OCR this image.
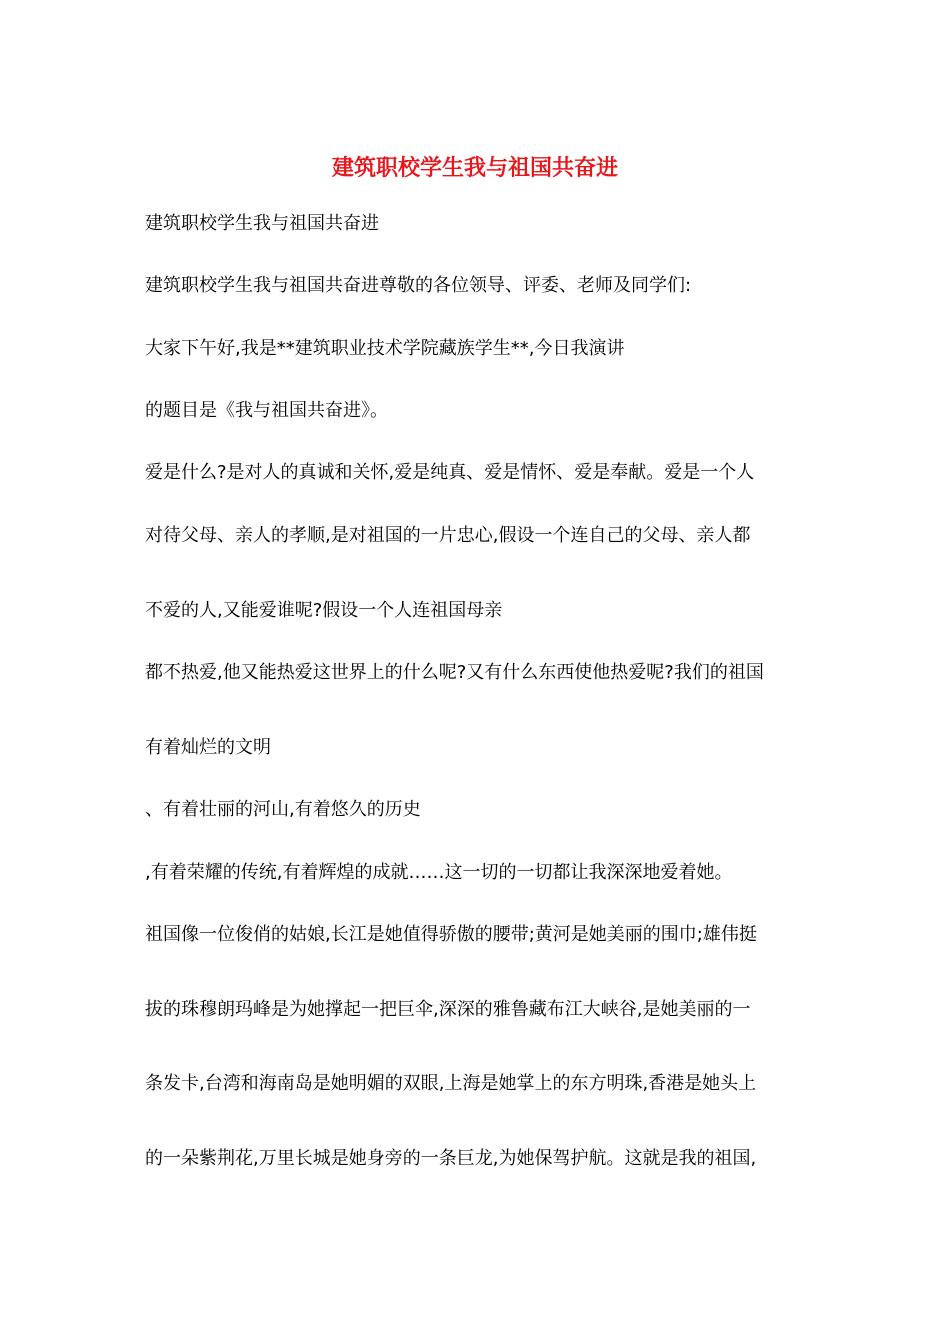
建筑职校学生我与祖国共奋进
建筑职校学生我与祖国共奋进
建筑职校学生我与祖国共奋进尊敬的各位领导、评委、老师及同学们:
大家下午好,我是**建筑职业技术学院藏族学生**,今日我演讲
的题目是《我与祖国共奋进》。
爱是什么?是对人的真诚和关怀,爱是纯真、爱是情怀、爱是奉献。爱是一个人
对待父母、亲人的孝顺,是对祖国的一片忠心,假设一个连自己的父母、亲人都
不爱的人,又能爱谁呢?假设一个人连祖国母亲
都不热爱,他又能热爱这世界上的什么呢?又有什么东西使他热爱呢?我们的祖国
有着灿烂的文明
、有着壮丽的河山,有着悠久的历史
,有着荣耀的传统,有着辉煌的成就……这一切的一切都让我深深地爱着她。
祖国像一位俊俏的姑娘,长江是她值得骄傲的腰带;黄河是她美丽的围巾;雄伟挺
拔的珠穆朗玛峰是为她撑起一把巨伞,深深的雅鲁藏布江大峡谷,是她美丽的一
条发卡,台湾和海南岛是她明媚的双眼,上海是她掌上的东方明珠,香港是她头上
的一朵紫荆花,万里长城是她身旁的一条巨龙,为她保驾护航。这就是我的祖国,
